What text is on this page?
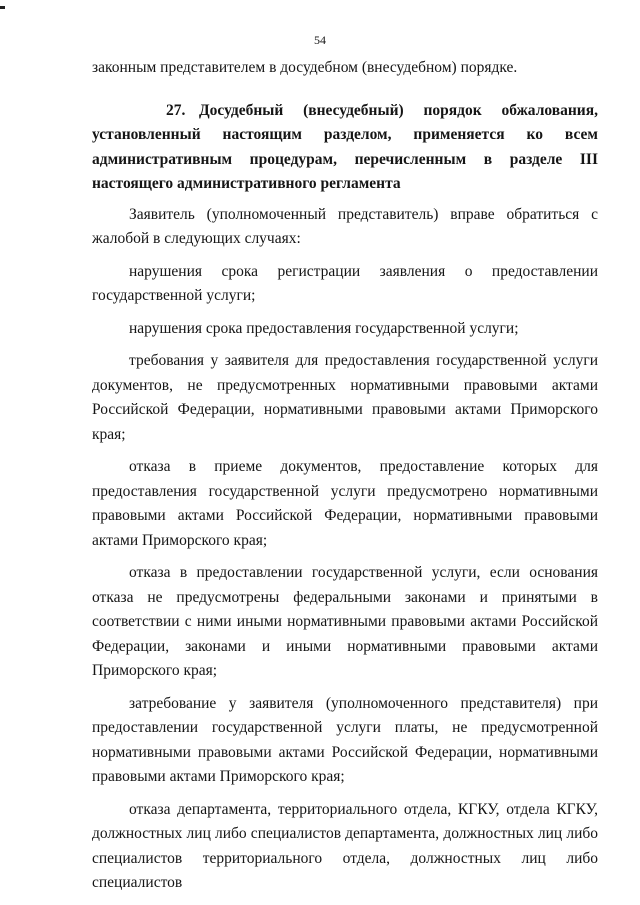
54

законным представителем в досудебном (внесудебном) порядке.

27. Досудебный (внесудебный) порядок обжалования, установленный настоящим разделом, применяется ко всем административным процедурам, перечисленным в разделе III настоящего административного регламента

Заявитель (уполномоченный представитель) вправе обратиться с жалобой в следующих случаях:

нарушения срока регистрации заявления о предоставлении государственной услуги;

нарушения срока предоставления государственной услуги;

требования у заявителя для предоставления государственной услуги документов, не предусмотренных нормативными правовыми актами Российской Федерации, нормативными правовыми актами Приморского края;

отказа в приеме документов, предоставление которых для предоставления государственной услуги предусмотрено нормативными правовыми актами Российской Федерации, нормативными правовыми актами Приморского края;

отказа в предоставлении государственной услуги, если основания отказа не предусмотрены федеральными законами и принятыми в соответствии с ними иными нормативными правовыми актами Российской Федерации, законами и иными нормативными правовыми актами Приморского края;

затребование у заявителя (уполномоченного представителя) при предоставлении государственной услуги платы, не предусмотренной нормативными правовыми актами Российской Федерации, нормативными правовыми актами Приморского края;

отказа департамента, территориального отдела, КГКУ, отдела КГКУ, должностных лиц либо специалистов департамента, должностных лиц либо специалистов территориального отдела, должностных лиц либо специалистов
